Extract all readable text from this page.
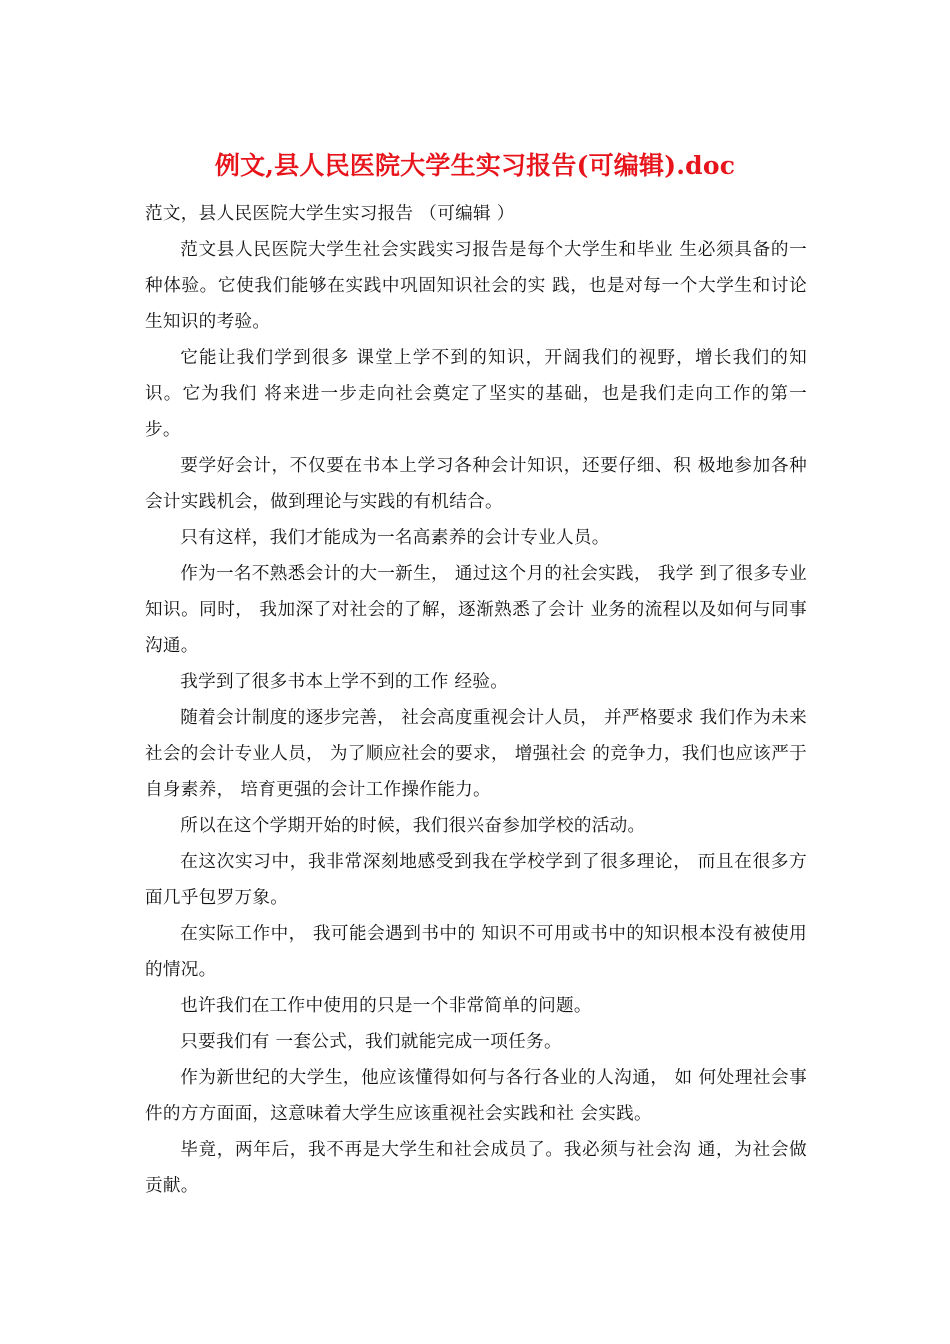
例文,县人民医院大学生实习报告(可编辑).doc

范文，县人民医院大学生实习报告 （可编辑 ）

范文县人民医院大学生社会实践实习报告是每个大学生和毕业 生必须具备的一种体验。它使我们能够在实践中巩固知识社会的实 践，也是对每一个大学生和讨论生知识的考验。

它能让我们学到很多 课堂上学不到的知识，开阔我们的视野，增长我们的知识。它为我们 将来进一步走向社会奠定了坚实的基础，也是我们走向工作的第一 步。

要学好会计，不仅要在书本上学习各种会计知识，还要仔细、积 极地参加各种会计实践机会，做到理论与实践的有机结合。

只有这样，我们才能成为一名高素养的会计专业人员。

作为一名不熟悉会计的大一新生， 通过这个月的社会实践， 我学 到了很多专业知识。同时， 我加深了对社会的了解，逐渐熟悉了会计 业务的流程以及如何与同事沟通。

我学到了很多书本上学不到的工作 经验。

随着会计制度的逐步完善， 社会高度重视会计人员， 并严格要求 我们作为未来社会的会计专业人员， 为了顺应社会的要求， 增强社会 的竞争力，我们也应该严于自身素养， 培育更强的会计工作操作能力。

所以在这个学期开始的时候，我们很兴奋参加学校的活动。

在这次实习中，我非常深刻地感受到我在学校学到了很多理论， 而且在很多方面几乎包罗万象。

在实际工作中， 我可能会遇到书中的 知识不可用或书中的知识根本没有被使用的情况。

也许我们在工作中使用的只是一个非常简单的问题。

只要我们有 一套公式，我们就能完成一项任务。

作为新世纪的大学生，他应该懂得如何与各行各业的人沟通， 如 何处理社会事件的方方面面，这意味着大学生应该重视社会实践和社 会实践。

毕竟，两年后，我不再是大学生和社会成员了。我必须与社会沟 通，为社会做贡献。
